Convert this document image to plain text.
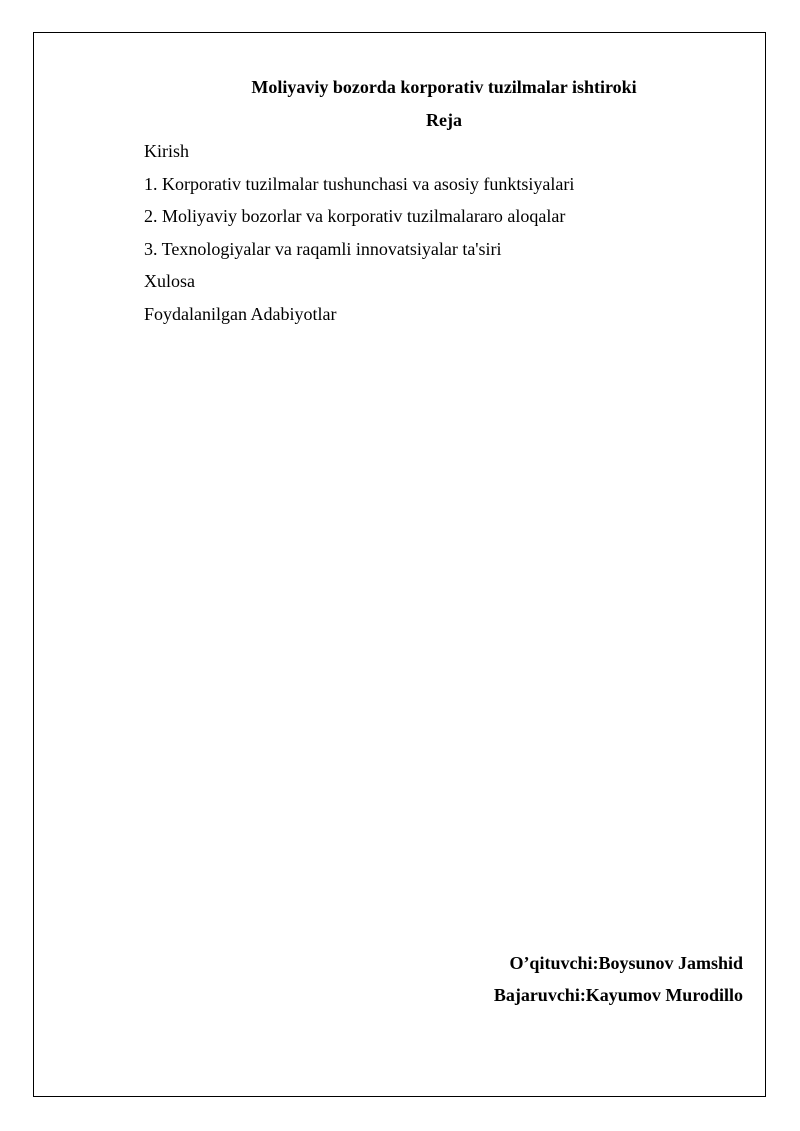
Moliyaviy bozorda korporativ tuzilmalar ishtiroki
Reja
Kirish
1. Korporativ tuzilmalar tushunchasi va asosiy funktsiyalari
2. Moliyaviy bozorlar va korporativ tuzilmalararo aloqalar
3. Texnologiyalar va raqamli innovatsiyalar ta'siri
Xulosa
Foydalanilgan Adabiyotlar
O’qituvchi:Boysunov Jamshid
Bajaruvchi:Kayumov Murodillo
